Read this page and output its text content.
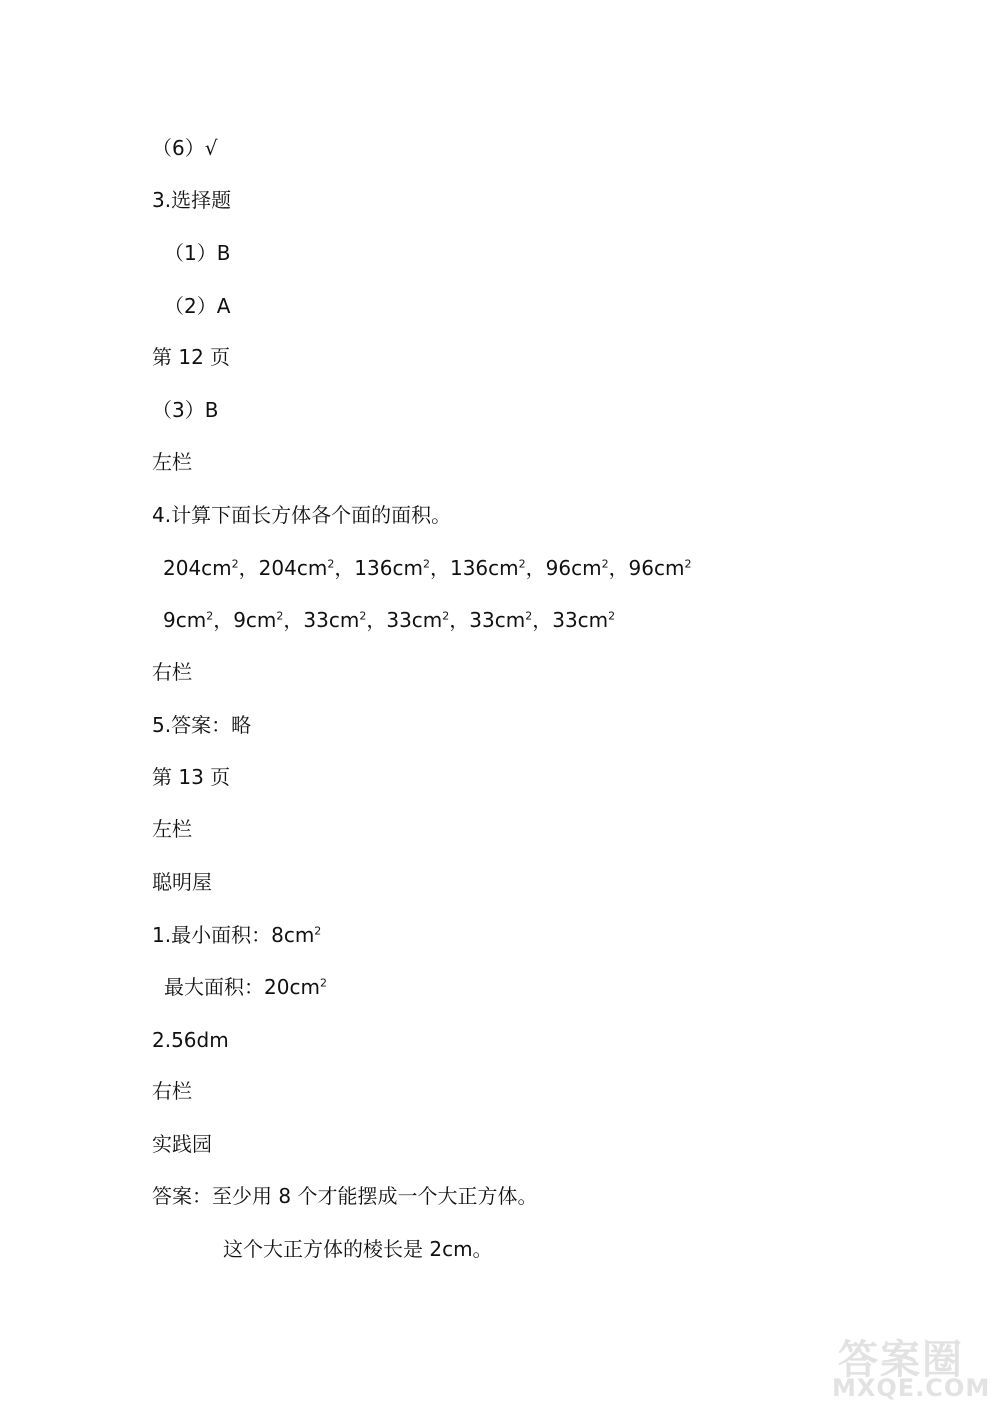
（6）√
3.选择题
（1）B
（2）A
第 12 页
（3）B
左栏
4.计算下面长方体各个面的面积。
$204cm^2$，$204cm^2$，$136cm^2$，$136cm^2$，$96cm^2$，$96cm^2$
$9cm^2$，$9cm^2$，$33cm^2$，$33cm^2$，$33cm^2$，$33cm^2$
右栏
5.答案：略
第 13 页
左栏
聪明屋
1.最小面积：$8cm^2$
最大面积：$20cm^2$
2.56dm
右栏
实践园
答案：至少用 8 个才能摆成一个大正方体。
这个大正方体的棱长是 2cm。
答案圈
MXQE.COM
